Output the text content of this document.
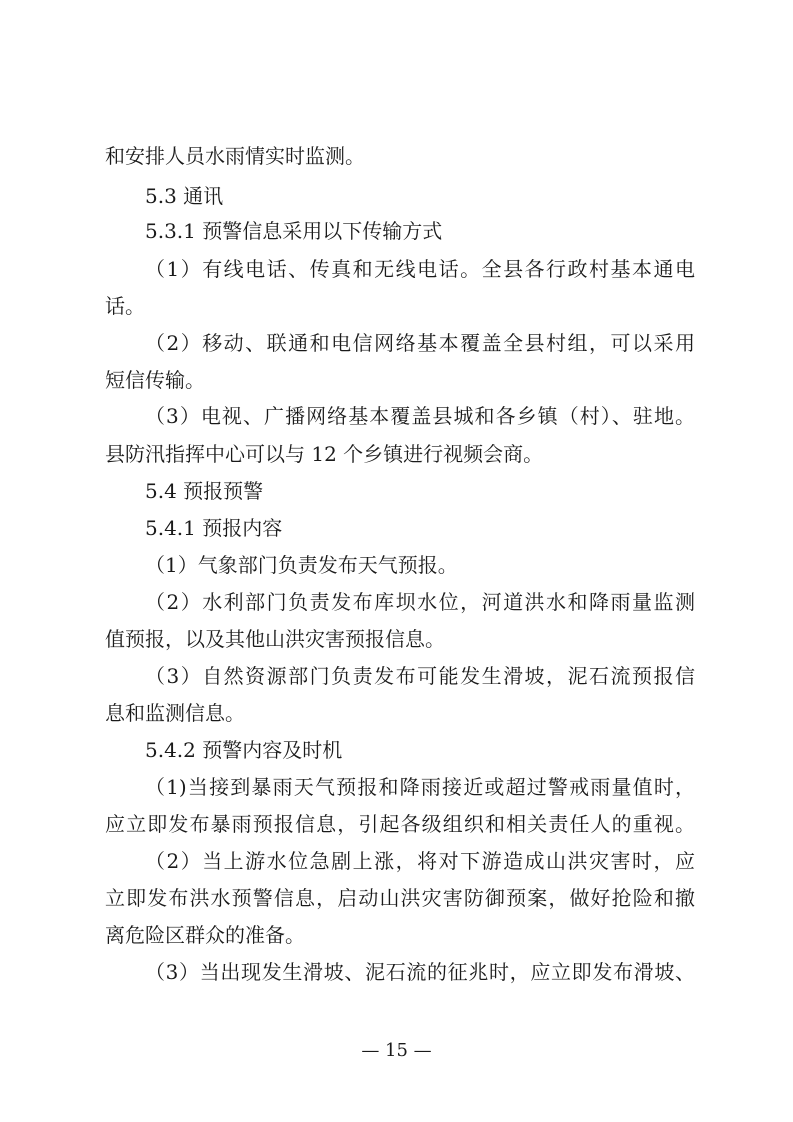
和安排人员水雨情实时监测。
5.3 通讯
5.3.1 预警信息采用以下传输方式
（1）有线电话、传真和无线电话。全县各行政村基本通电
话。
（2）移动、联通和电信网络基本覆盖全县村组，可以采用
短信传输。
（3）电视、广播网络基本覆盖县城和各乡镇（村）、驻地。
县防汛指挥中心可以与 12 个乡镇进行视频会商。
5.4 预报预警
5.4.1 预报内容
（1）气象部门负责发布天气预报。
（2）水利部门负责发布库坝水位，河道洪水和降雨量监测
值预报，以及其他山洪灾害预报信息。
（3）自然资源部门负责发布可能发生滑坡，泥石流预报信
息和监测信息。
5.4.2 预警内容及时机
（1)当接到暴雨天气预报和降雨接近或超过警戒雨量值时，
应立即发布暴雨预报信息，引起各级组织和相关责任人的重视。
（2）当上游水位急剧上涨，将对下游造成山洪灾害时，应
立即发布洪水预警信息，启动山洪灾害防御预案，做好抢险和撤
离危险区群众的准备。
（3）当出现发生滑坡、泥石流的征兆时，应立即发布滑坡、
— 15 —
